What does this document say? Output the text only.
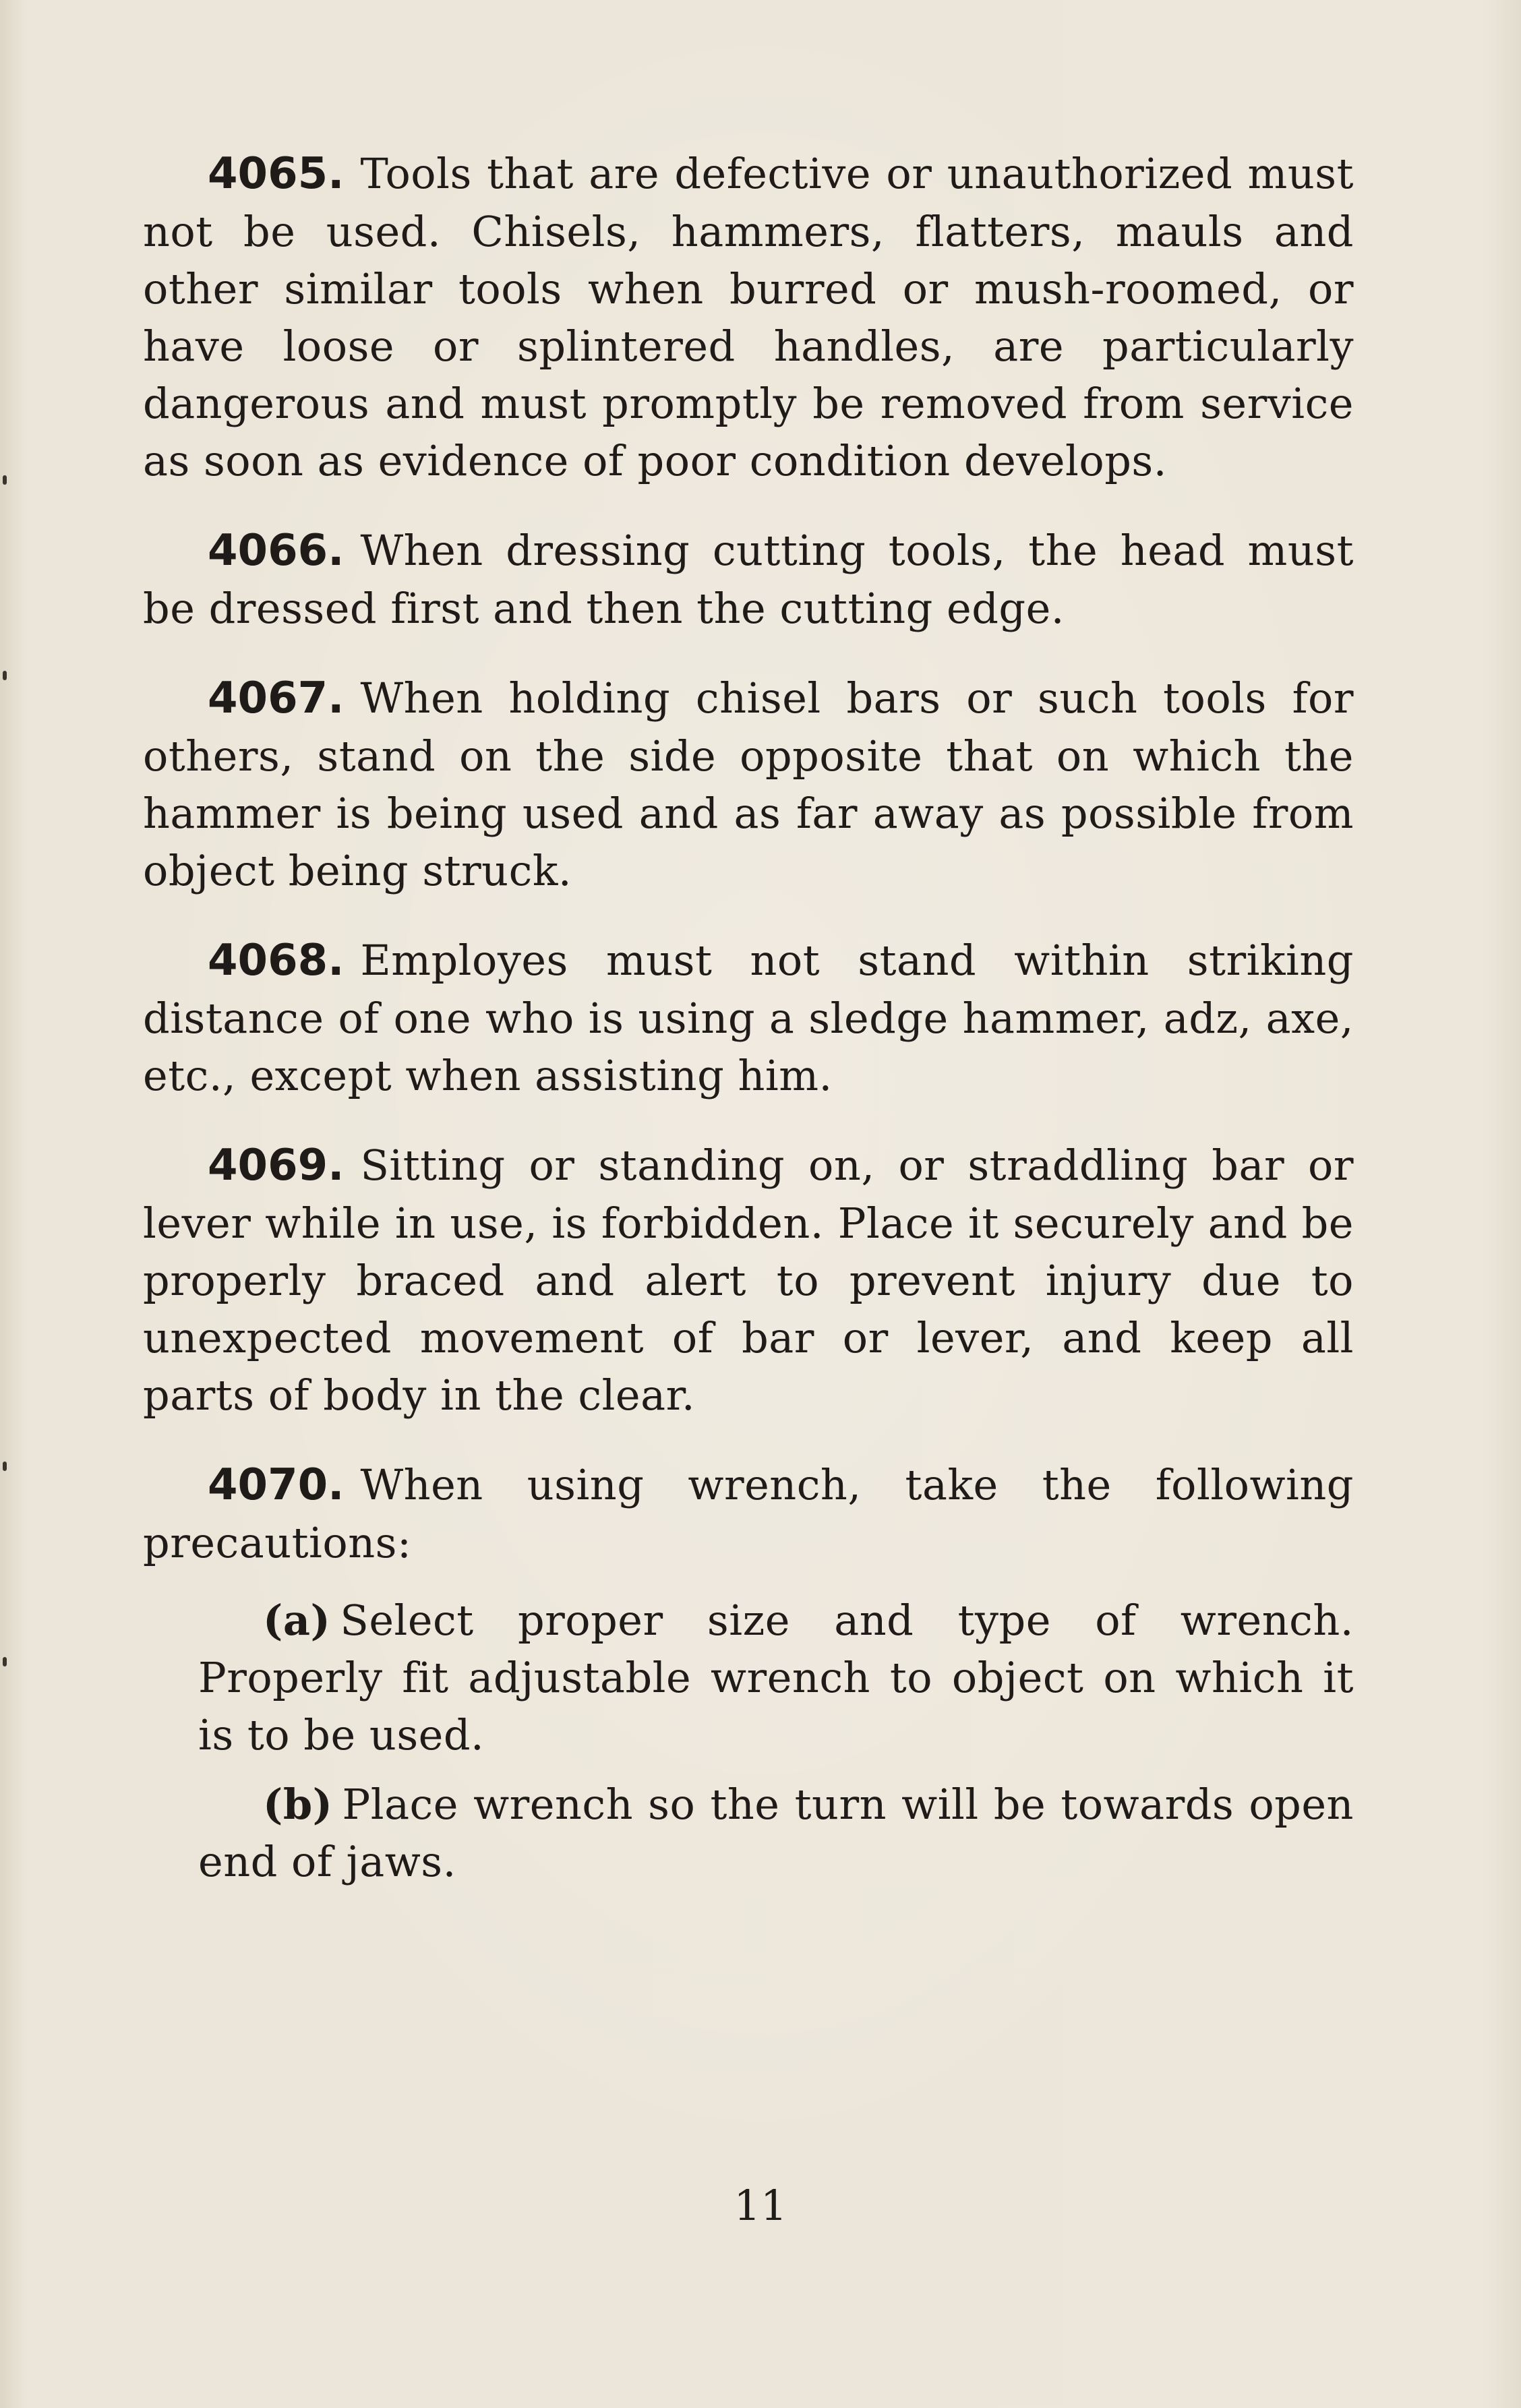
4065. Tools that are defective or unauthorized must not be used. Chisels, hammers, flatters, mauls and other similar tools when burred or mush-roomed, or have loose or splintered handles, are particularly dangerous and must promptly be removed from service as soon as evidence of poor condition develops.

4066. When dressing cutting tools, the head must be dressed first and then the cutting edge.

4067. When holding chisel bars or such tools for others, stand on the side opposite that on which the hammer is being used and as far away as possible from object being struck.

4068. Employes must not stand within striking distance of one who is using a sledge hammer, adz, axe, etc., except when assisting him.

4069. Sitting or standing on, or straddling bar or lever while in use, is forbidden. Place it securely and be properly braced and alert to prevent injury due to unexpected movement of bar or lever, and keep all parts of body in the clear.

4070. When using wrench, take the following precautions:

(a) Select proper size and type of wrench. Properly fit adjustable wrench to object on which it is to be used.

(b) Place wrench so the turn will be towards open end of jaws.

11
